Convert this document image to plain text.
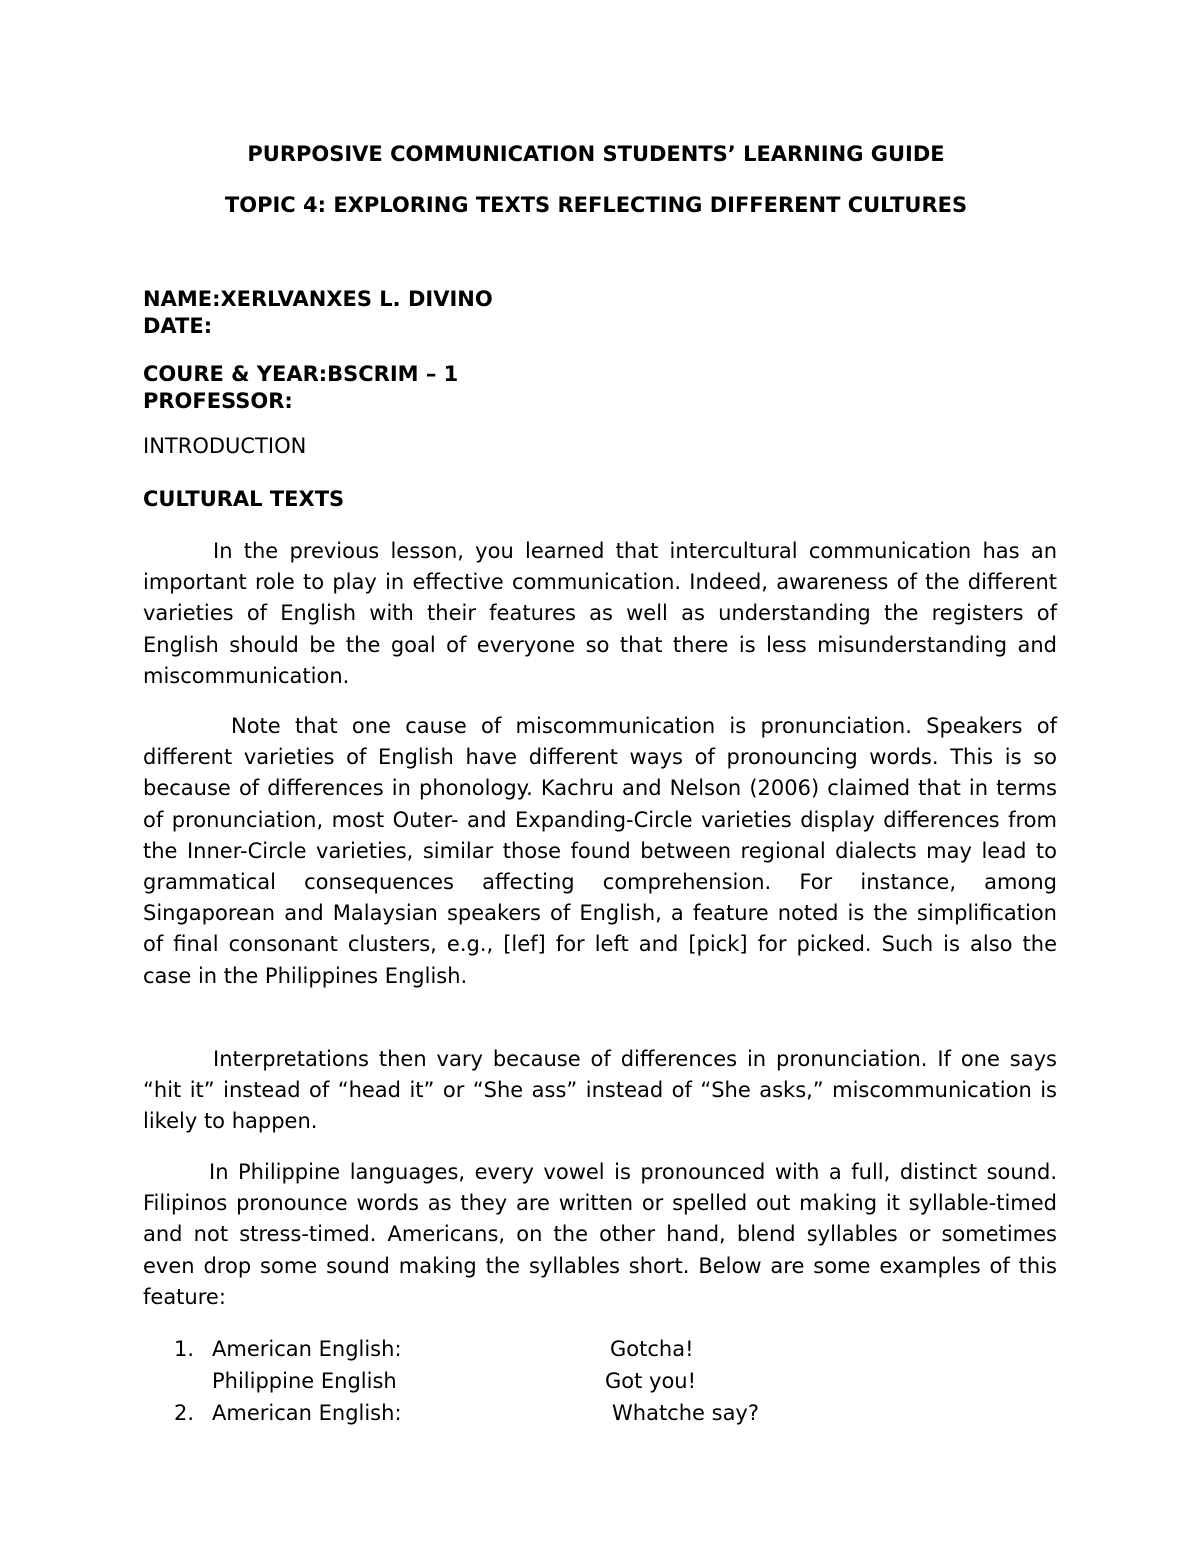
PURPOSIVE COMMUNICATION STUDENTS’ LEARNING GUIDE
TOPIC 4: EXPLORING TEXTS REFLECTING DIFFERENT CULTURES
NAME:XERLVANXES L. DIVINO
DATE:
COURE & YEAR:BSCRIM – 1
PROFESSOR:
INTRODUCTION
CULTURAL TEXTS

In the previous lesson, you learned that intercultural communication has an important role to play in effective communication. Indeed, awareness of the different varieties of English with their features as well as understanding the registers of English should be the goal of everyone so that there is less misunderstanding and miscommunication.

Note that one cause of miscommunication is pronunciation. Speakers of different varieties of English have different ways of pronouncing words. This is so because of differences in phonology. Kachru and Nelson (2006) claimed that in terms of pronunciation, most Outer- and Expanding-Circle varieties display differences from the Inner-Circle varieties, similar those found between regional dialects may lead to grammatical consequences affecting comprehension. For instance, among Singaporean and Malaysian speakers of English, a feature noted is the simplification of final consonant clusters, e.g., [lef] for left and [pick] for picked. Such is also the case in the Philippines English.

Interpretations then vary because of differences in pronunciation. If one says “hit it” instead of “head it” or “She ass” instead of “She asks,” miscommunication is likely to happen.

In Philippine languages, every vowel is pronounced with a full, distinct sound. Filipinos pronounce words as they are written or spelled out making it syllable-timed and not stress-timed. Americans, on the other hand, blend syllables or sometimes even drop some sound making the syllables short. Below are some examples of this feature:

1. American English:	Gotcha!
Philippine English	Got you!
2. American English:	Whatche say?
